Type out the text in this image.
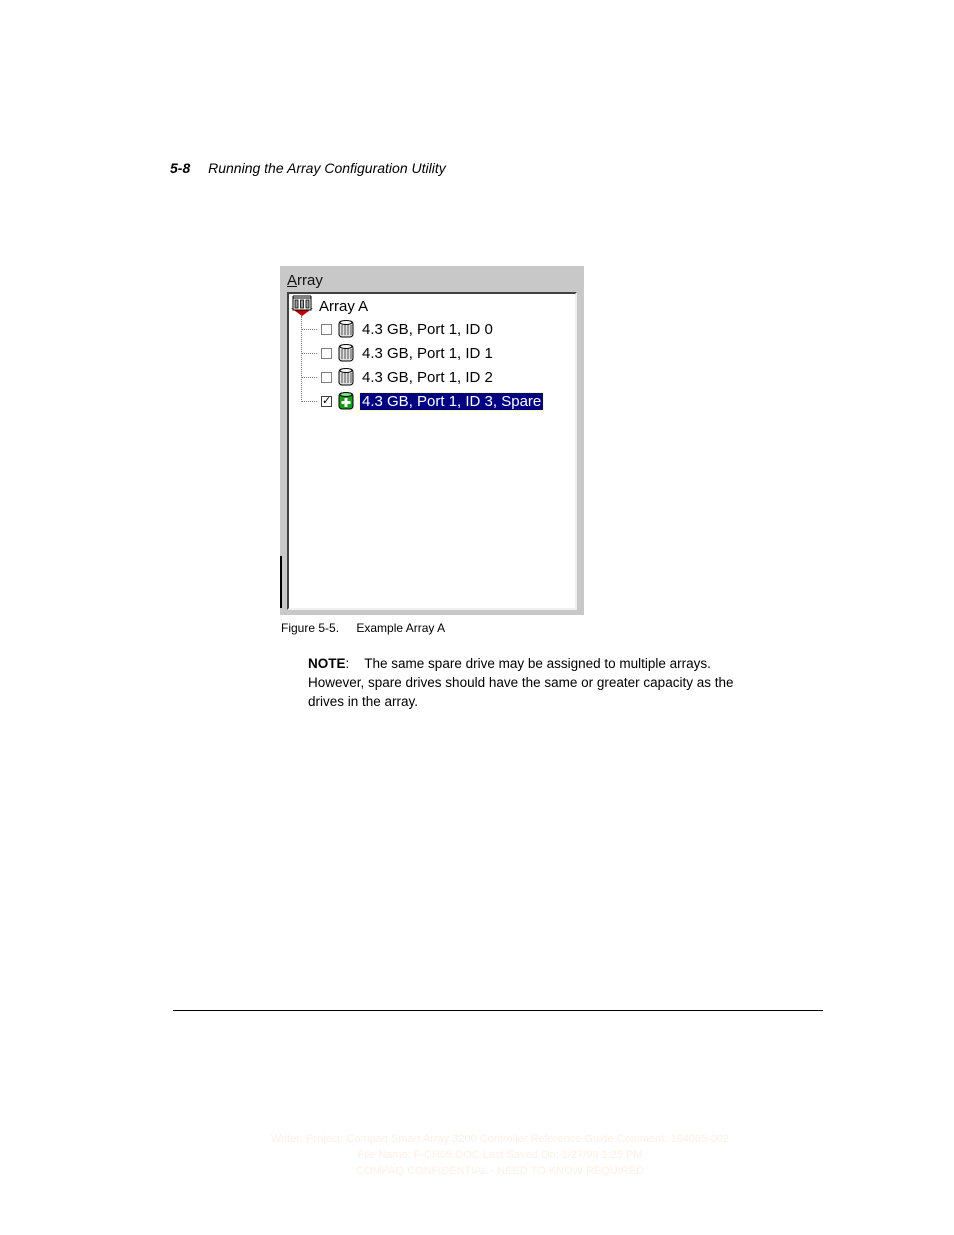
5-8 Running the Array Configuration Utility
Array
Array A
4.3 GB, Port 1, ID 0
4.3 GB, Port 1, ID 1
4.3 GB, Port 1, ID 2
✓ 4.3 GB, Port 1, ID 3, Spare
Figure 5-5. Example Array A
NOTE:    The same spare drive may be assigned to multiple arrays. However, spare drives should have the same or greater capacity as the drives in the array.
Writer: Project: Compaq Smart Array 3200 Controller Reference Guide Comment: 184005-002
File Name: F-CH05.DOC Last Saved On: 1/27/99 1:25 PM
COMPAQ CONFIDENTIAL - NEED TO KNOW REQUIRED
